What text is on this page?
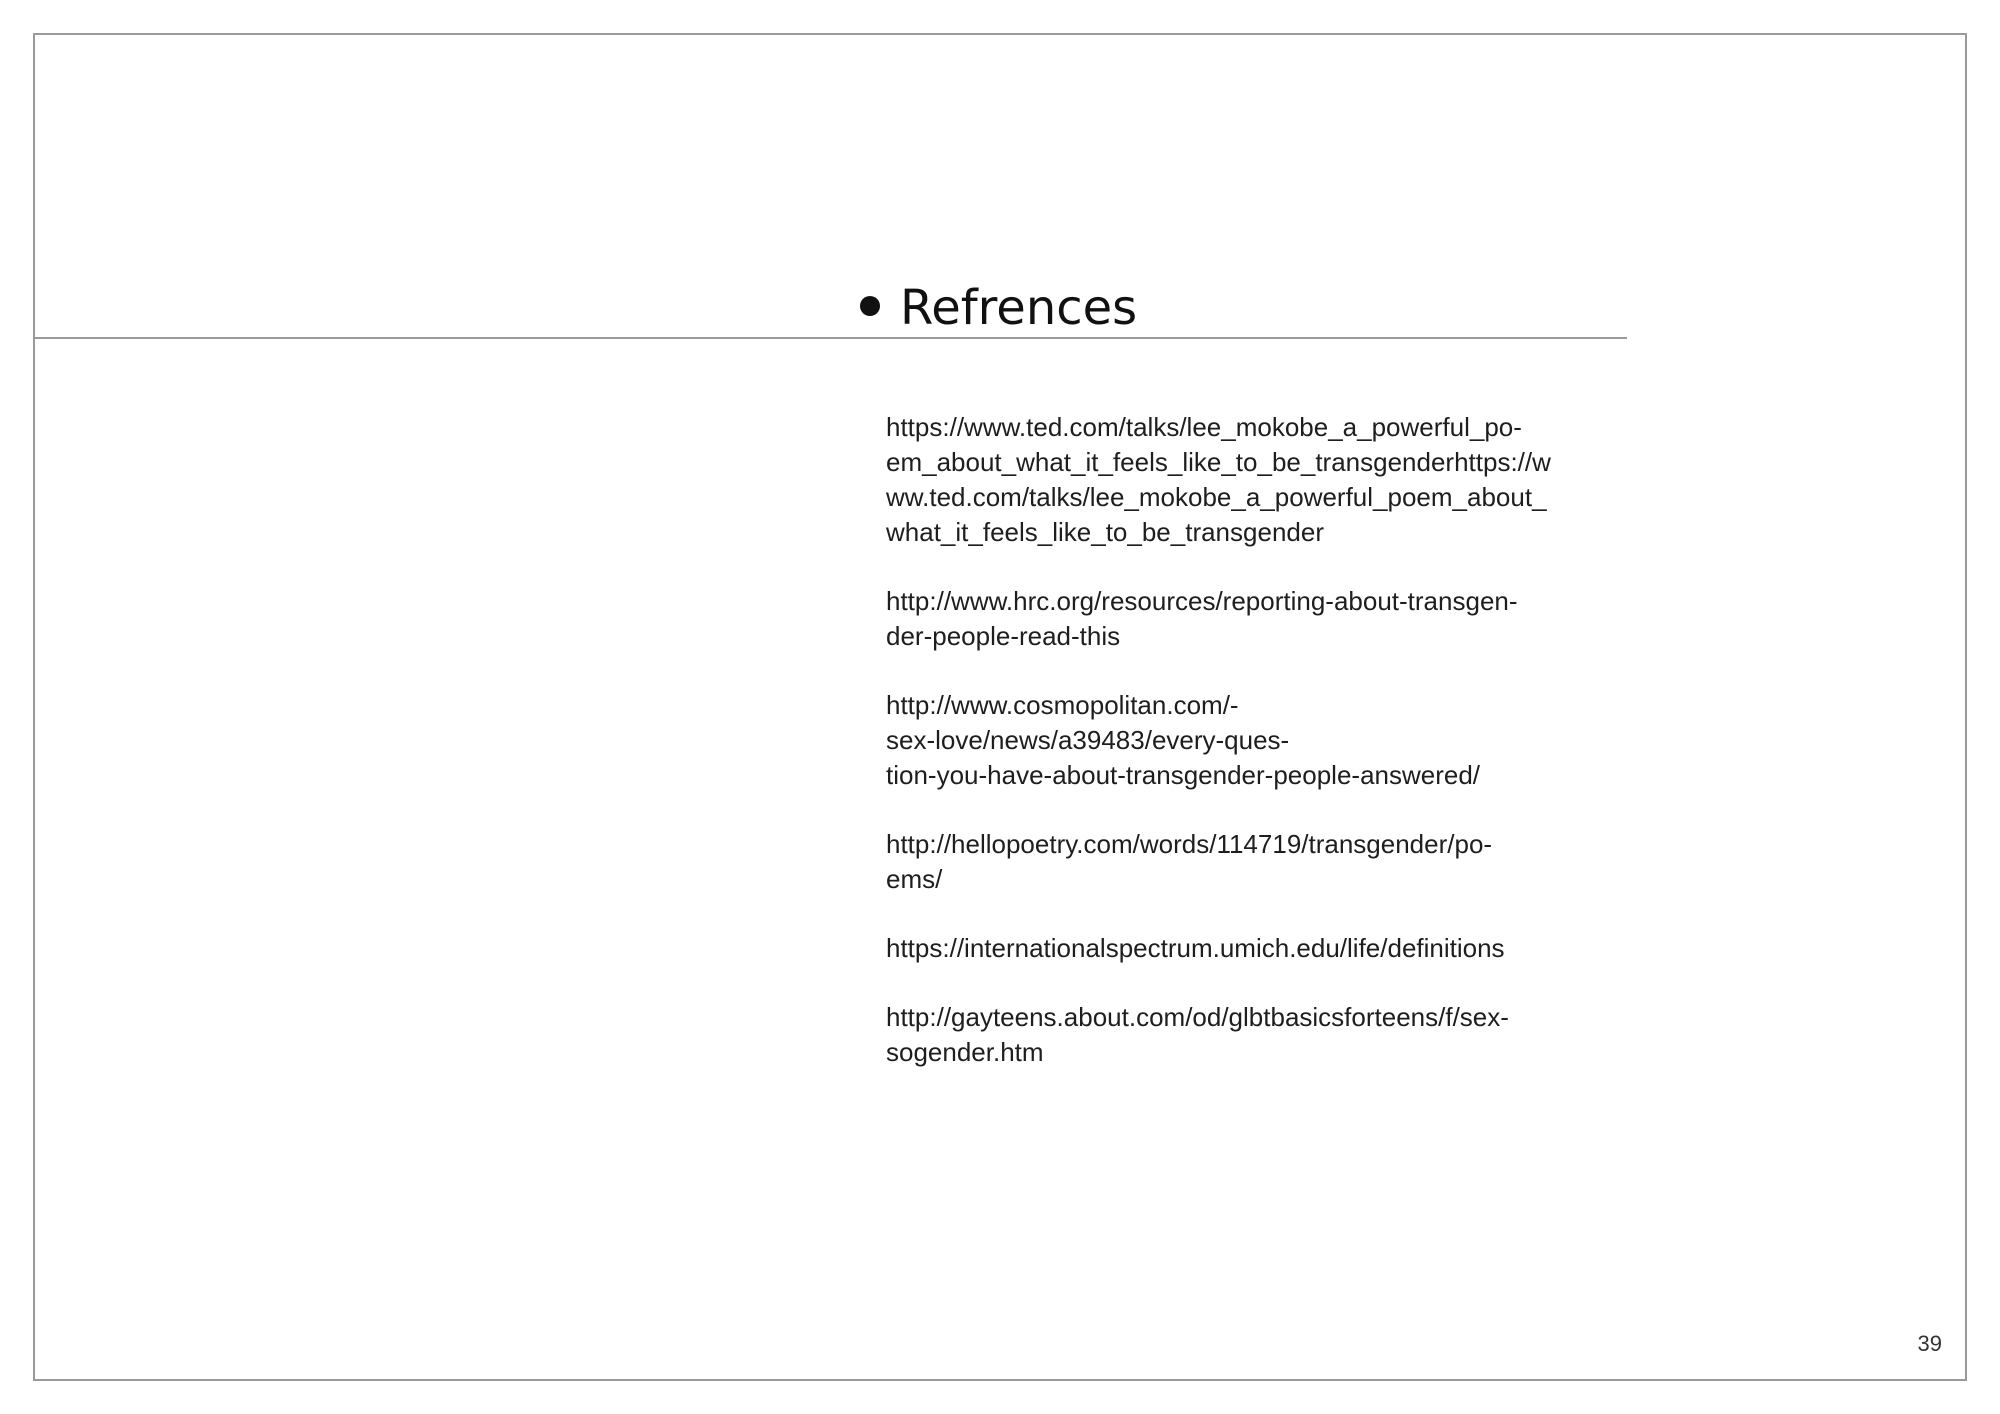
Refrences
https://www.ted.com/talks/lee_mokobe_a_powerful_po-
em_about_what_it_feels_like_to_be_transgenderhttps://w
ww.ted.com/talks/lee_mokobe_a_powerful_poem_about_
what_it_feels_like_to_be_transgender
http://www.hrc.org/resources/reporting-about-transgen-
der-people-read-this
http://www.cosmopolitan.com/-
sex-love/news/a39483/every-ques-
tion-you-have-about-transgender-people-answered/
http://hellopoetry.com/words/114719/transgender/po-
ems/
https://internationalspectrum.umich.edu/life/definitions
http://gayteens.about.com/od/glbtbasicsforteens/f/sex-
sogender.htm
39
